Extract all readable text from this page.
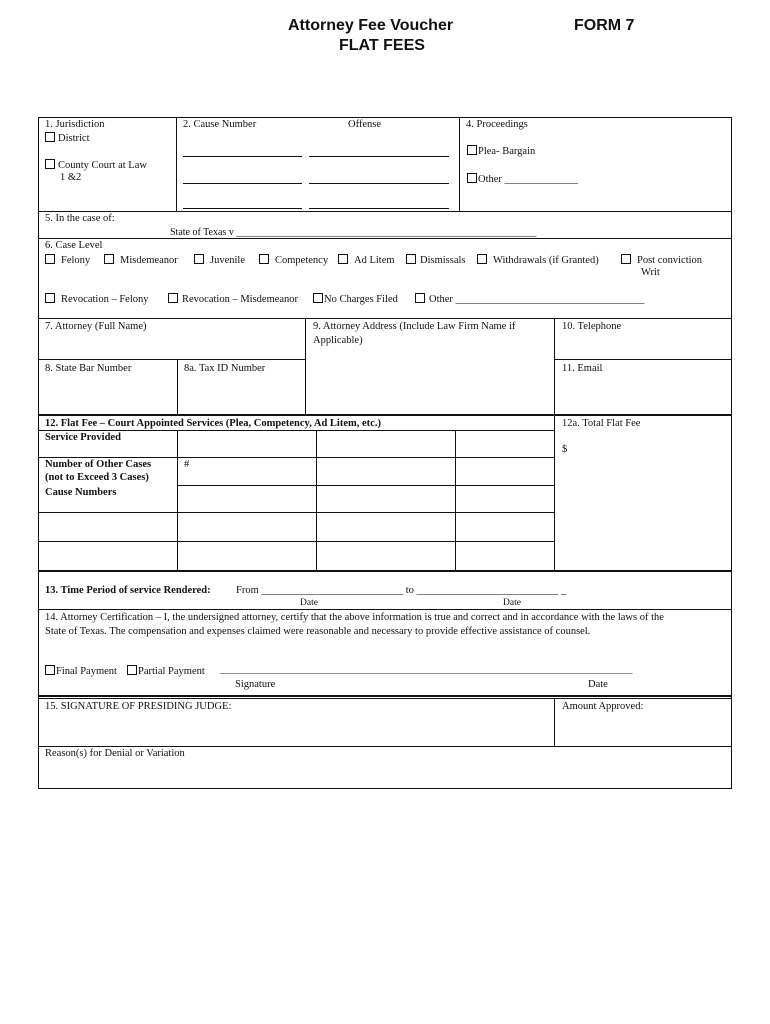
Attorney Fee Voucher
FLAT FEES
FORM 7
1. Jurisdiction
District
County Court at Law
1 &2
2. Cause Number	Offense	4. Proceedings
Plea- Bargain
Other ______________
5. In the case of:
State of Texas v ____________________________________________________________
6. Case Level
Felony	Misdemeanor	Juvenile	Competency	Ad Litem	Dismissals	Withdrawals (if Granted)	Post conviction
Writ
Revocation – Felony	Revocation – Misdemeanor	No Charges Filed	Other ____________________________________
7. Attorney (Full Name)	9. Attorney Address (Include Law Firm Name if
Applicable)
10. Telephone
8. State Bar Number	8a. Tax ID Number	11. Email
12. Flat Fee – Court Appointed Services (Plea, Competency, Ad Litem, etc.)	12a. Total Flat Fee
$
Service Provided
Number of Other Cases
(not to Exceed 3 Cases)
Cause Numbers
#
13. Time Period of service Rendered: From ___________________________ to ___________________________ _
Date	Date
14. Attorney Certification – I, the undersigned attorney, certify that the above information is true and correct and in accordance with the laws of the
State of Texas. The compensation and expenses claimed were reasonable and necessary to provide effective assistance of counsel.
Final Payment	Partial Payment ______________________________________________________________________________________
Signature	Date
15. SIGNATURE OF PRESIDING JUDGE:	Amount Approved:
Reason(s) for Denial or Variation
